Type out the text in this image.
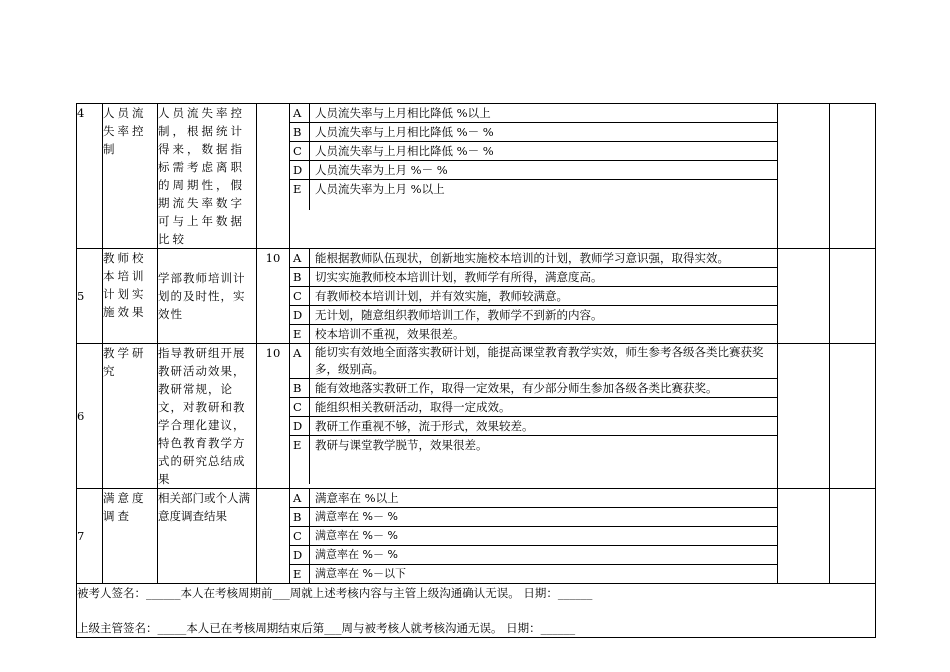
4	人员流失率控制	人员流失率控制，根据统计得来，数据指标需考虑离职的周期性，假期流失率数字可与上年数据比较		
A	人员流失率与上月相比降低 %以上
B	人员流失率与上月相比降低 %－ %
C	人员流失率与上月相比降低 %－ %
D	人员流失率为上月 %－ %
E	人员流失率为上月 %以上

5	教师校本培训计划实施效果	学部教师培训计划的及时性，实效性	10	A	能根据教师队伍现状，创新地实施校本培训的计划，教师学习意识强，取得实效。
B	切实实施教师校本培训计划，教师学有所得，满意度高。
C	有教师校本培训计划，并有效实施，教师较满意。
D	无计划，随意组织教师培训工作，教师学不到新的内容。
E	校本培训不重视，效果很差。

6	教学研究	指导教研组开展教研活动效果，教研常规，论文，对教研和教学合理化建议，特色教育教学方式的研究总结成果	10	A	能切实有效地全面落实教研计划，能提高课堂教育教学实效，师生参考各级各类比赛获奖多，级别高。
B	能有效地落实教研工作，取得一定效果，有少部分师生参加各级各类比赛获奖。
C	能组织相关教研活动，取得一定成效。
D	教研工作重视不够，流于形式，效果较差。
E	教研与课堂教学脱节，效果很差。

7	满意度调查	相关部门或个人满意度调查结果		
A	满意率在 %以上
B	满意率在 %－ %
C	满意率在 %－ %
D	满意率在 %－ %
E	满意率在 %－以下

被考人签名：______本人在考核周期前___周就上述考核内容与主管上级沟通确认无误。 日期：______
上级主管签名：_____本人已在考核周期结束后第___周与被考核人就考核沟通无误。 日期：______
